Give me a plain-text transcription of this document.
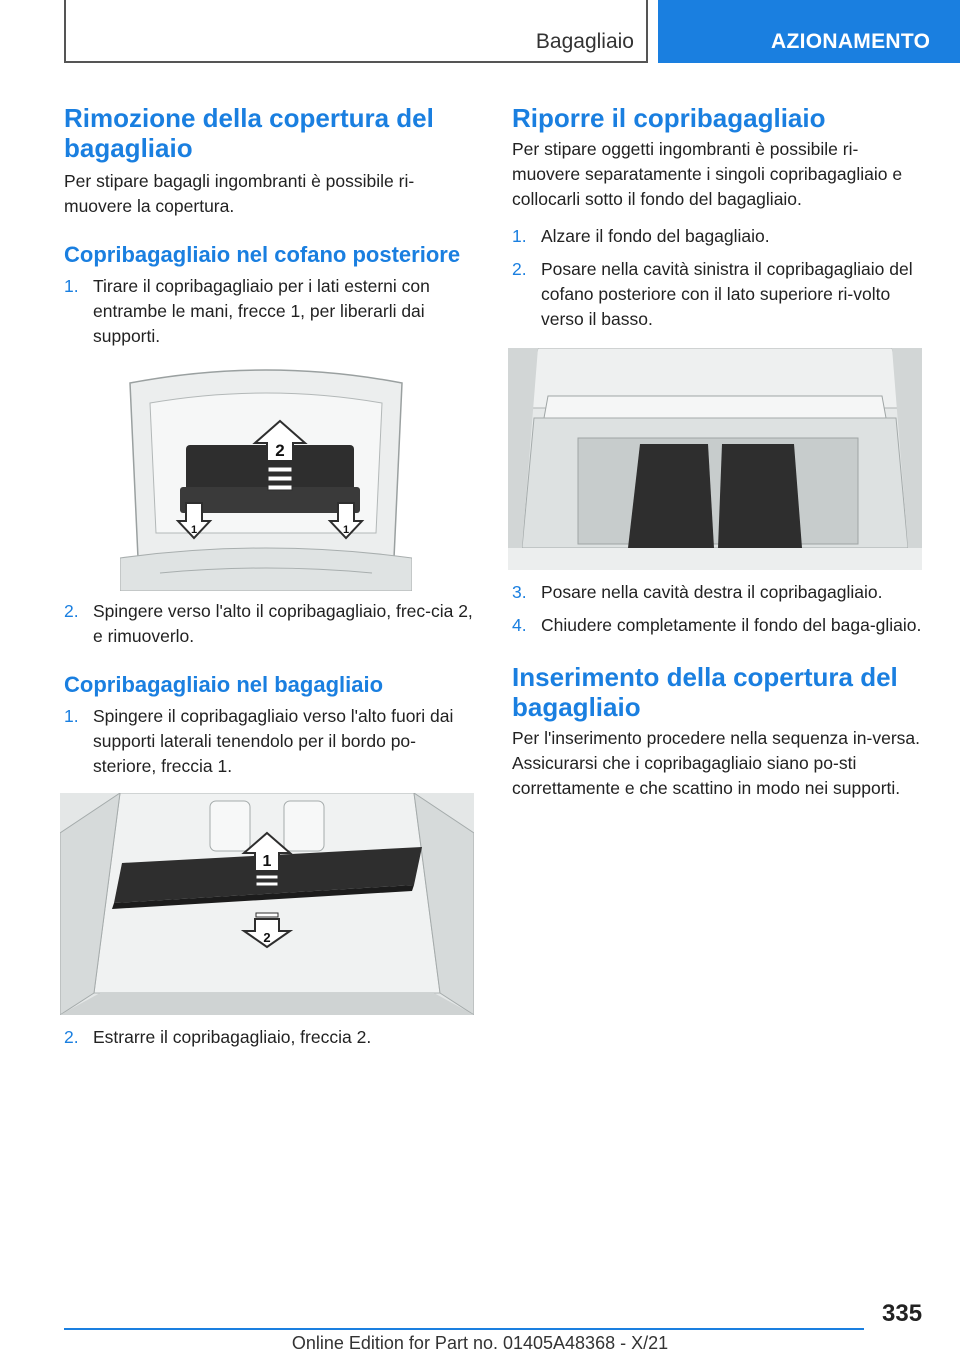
Bagagliaio	AZIONAMENTO
Rimozione della copertura del bagagliaio

Per stipare bagagli ingombranti è possibile ri-muovere la copertura.

Copribagagliaio nel cofano posteriore
1. Tirare il copribagagliaio per i lati esterni con entrambe le mani, frecce 1, per liberarli dai supporti.
2
1	1
2. Spingere verso l'alto il copribagagliaio, frec-cia 2, e rimuoverlo.
Copribagagliaio nel bagagliaio
1. Spingere il copribagagliaio verso l'alto fuori dai supporti laterali tenendolo per il bordo po-steriore, freccia 1.
1
2
2. Estrarre il copribagagliaio, freccia 2.
Riporre il copribagagliaio

Per stipare oggetti ingombranti è possibile ri-muovere separatamente i singoli copribagagliaio e collocarli sotto il fondo del bagagliaio.

1. Alzare il fondo del bagagliaio.
2. Posare nella cavità sinistra il copribagagliaio del cofano posteriore con il lato superiore ri-volto verso il basso.
3. Posare nella cavità destra il copribagagliaio.
4. Chiudere completamente il fondo del baga-gliaio.
Inserimento della copertura del bagagliaio

Per l'inserimento procedere nella sequenza in-versa. Assicurarsi che i copribagagliaio siano po-sti correttamente e che scattino in modo nei supporti.

335
Online Edition for Part no. 01405A48368 - X/21
